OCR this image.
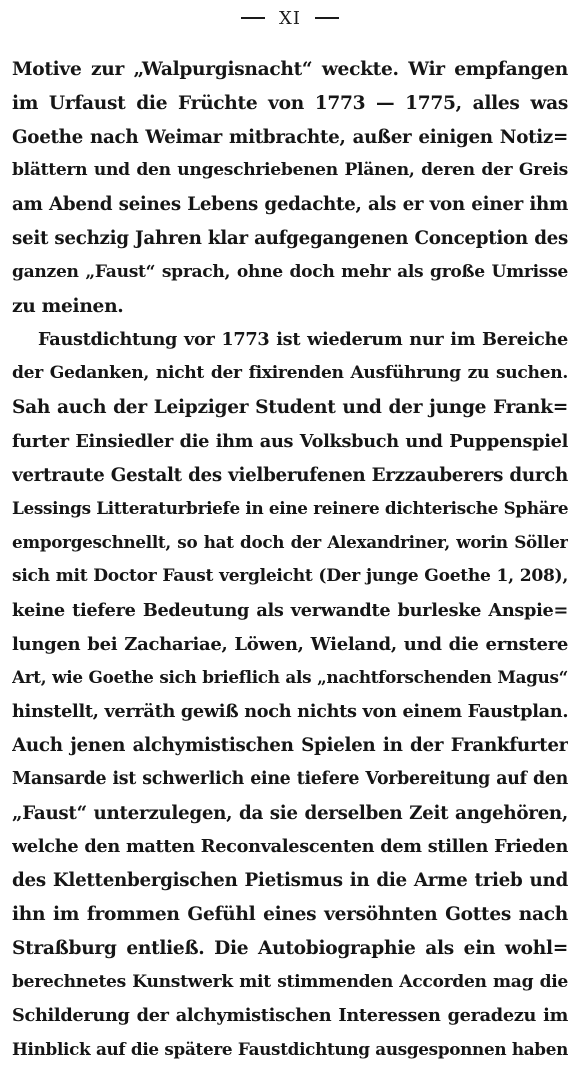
XI
Motive zur „Walpurgisnacht“ weckte. Wir empfangen
im Urfaust die Früchte von 1773 — 1775, alles was
Goethe nach Weimar mitbrachte, außer einigen Notiz=
blättern und den ungeschriebenen Plänen, deren der Greis
am Abend seines Lebens gedachte, als er von einer ihm
seit sechzig Jahren klar aufgegangenen Conception des
ganzen „Faust“ sprach, ohne doch mehr als große Umrisse
zu meinen.
Faustdichtung vor 1773 ist wiederum nur im Bereiche
der Gedanken, nicht der fixirenden Ausführung zu suchen.
Sah auch der Leipziger Student und der junge Frank=
furter Einsiedler die ihm aus Volksbuch und Puppenspiel
vertraute Gestalt des vielberufenen Erzzauberers durch
Lessings Litteraturbriefe in eine reinere dichterische Sphäre
emporgeschnellt, so hat doch der Alexandriner, worin Söller
sich mit Doctor Faust vergleicht (Der junge Goethe 1, 208),
keine tiefere Bedeutung als verwandte burleske Anspie=
lungen bei Zachariae, Löwen, Wieland, und die ernstere
Art, wie Goethe sich brieflich als „nachtforschenden Magus“
hinstellt, verräth gewiß noch nichts von einem Faustplan.
Auch jenen alchymistischen Spielen in der Frankfurter
Mansarde ist schwerlich eine tiefere Vorbereitung auf den
„Faust“ unterzulegen, da sie derselben Zeit angehören,
welche den matten Reconvalescenten dem stillen Frieden
des Klettenbergischen Pietismus in die Arme trieb und
ihn im frommen Gefühl eines versöhnten Gottes nach
Straßburg entließ. Die Autobiographie als ein wohl=
berechnetes Kunstwerk mit stimmenden Accorden mag die
Schilderung der alchymistischen Interessen geradezu im
Hinblick auf die spätere Faustdichtung ausgesponnen haben
